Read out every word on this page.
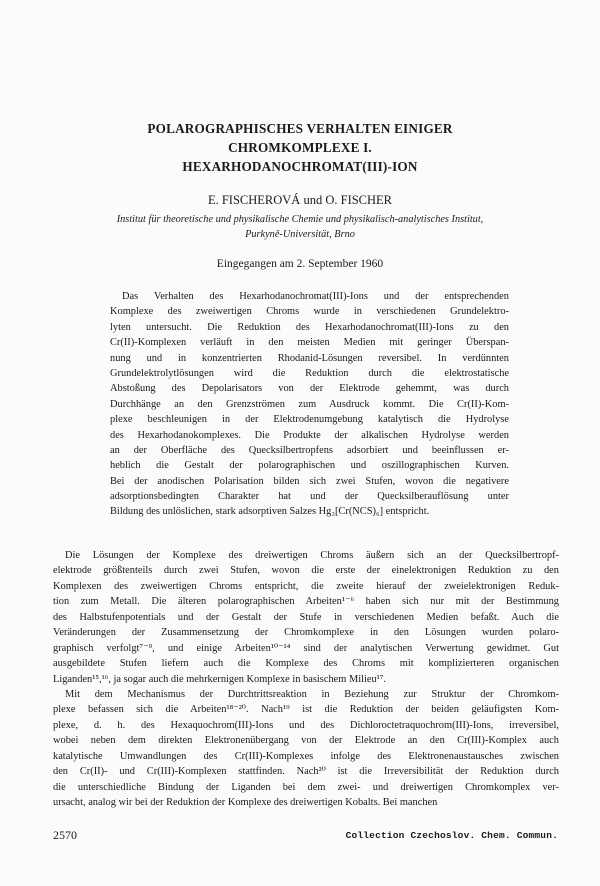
POLAROGRAPHISCHES VERHALTEN EINIGER
CHROMKOMPLEXE I.
HEXARHODANOCHROMAT(III)-ION
E. FISCHEROVÁ und O. FISCHER
Institut für theoretische und physikalische Chemie und physikalisch-analytisches Institut,
Purkyně-Universität, Brno
Eingegangen am 2. September 1960
Das Verhalten des Hexarhodanochromat(III)-Ions und der entsprechenden
Komplexe des zweiwertigen Chroms wurde in verschiedenen Grundelektro-
lyten untersucht. Die Reduktion des Hexarhodanochromat(III)-Ions zu den
Cr(II)-Komplexen verläuft in den meisten Medien mit geringer Überspan-
nung und in konzentrierten Rhodanid-Lösungen reversibel. In verdünnten
Grundelektrolytlösungen wird die Reduktion durch die elektrostatische
Abstoßung des Depolarisators von der Elektrode gehemmt, was durch
Durchhänge an den Grenzströmen zum Ausdruck kommt. Die Cr(II)-Kom-
plexe beschleunigen in der Elektrodenumgebung katalytisch die Hydrolyse
des Hexarhodanokomplexes. Die Produkte der alkalischen Hydrolyse werden
an der Oberfläche des Quecksilbertropfens adsorbiert und beeinflussen er-
heblich die Gestalt der polarographischen und oszillographischen Kurven.
Bei der anodischen Polarisation bilden sich zwei Stufen, wovon die negativere
adsorptionsbedingten Charakter hat und der Quecksilberauflösung unter
Bildung des unlöslichen, stark adsorptiven Salzes Hg₃[Cr(NCS)₆] entspricht.
Die Lösungen der Komplexe des dreiwertigen Chroms äußern sich an der Quecksilbertropf-
elektrode größtenteils durch zwei Stufen, wovon die erste der einelektronigen Reduktion zu den
Komplexen des zweiwertigen Chroms entspricht, die zweite hierauf der zweielektronigen Reduk-
tion zum Metall. Die älteren polarographischen Arbeiten¹⁻⁶ haben sich nur mit der Bestimmung
des Halbstufenpotentials und der Gestalt der Stufe in verschiedenen Medien befaßt. Auch die
Veränderungen der Zusammensetzung der Chromkomplexe in den Lösungen wurden polaro-
graphisch verfolgt⁷⁻⁹, und einige Arbeiten¹⁰⁻¹⁴ sind der analytischen Verwertung gewidmet. Gut
ausgebildete Stufen liefern auch die Komplexe des Chroms mit komplizierteren organischen
Liganden¹⁵,¹⁶, ja sogar auch die mehrkernigen Komplexe in basischem Milieu¹⁷.
Mit dem Mechanismus der Durchtrittsreaktion in Beziehung zur Struktur der Chromkom-
plexe befassen sich die Arbeiten¹⁸⁻²⁰. Nach¹⁹ ist die Reduktion der beiden geläufigsten Kom-
plexe, d. h. des Hexaquochrom(III)-Ions und des Dichloroctetraquochrom(III)-Ions, irreversibel,
wobei neben dem direkten Elektronenübergang von der Elektrode an den Cr(III)-Komplex auch
katalytische Umwandlungen des Cr(III)-Komplexes infolge des Elektronenaustausches zwischen
den Cr(II)- und Cr(III)-Komplexen stattfinden. Nach²⁰ ist die Irreversibilität der Reduktion durch
die unterschiedliche Bindung der Liganden bei dem zwei- und dreiwertigen Chromkomplex ver-
ursacht, analog wir bei der Reduktion der Komplexe des dreiwertigen Kobalts. Bei manchen
2570	Collection Czechoslov. Chem. Commun.
